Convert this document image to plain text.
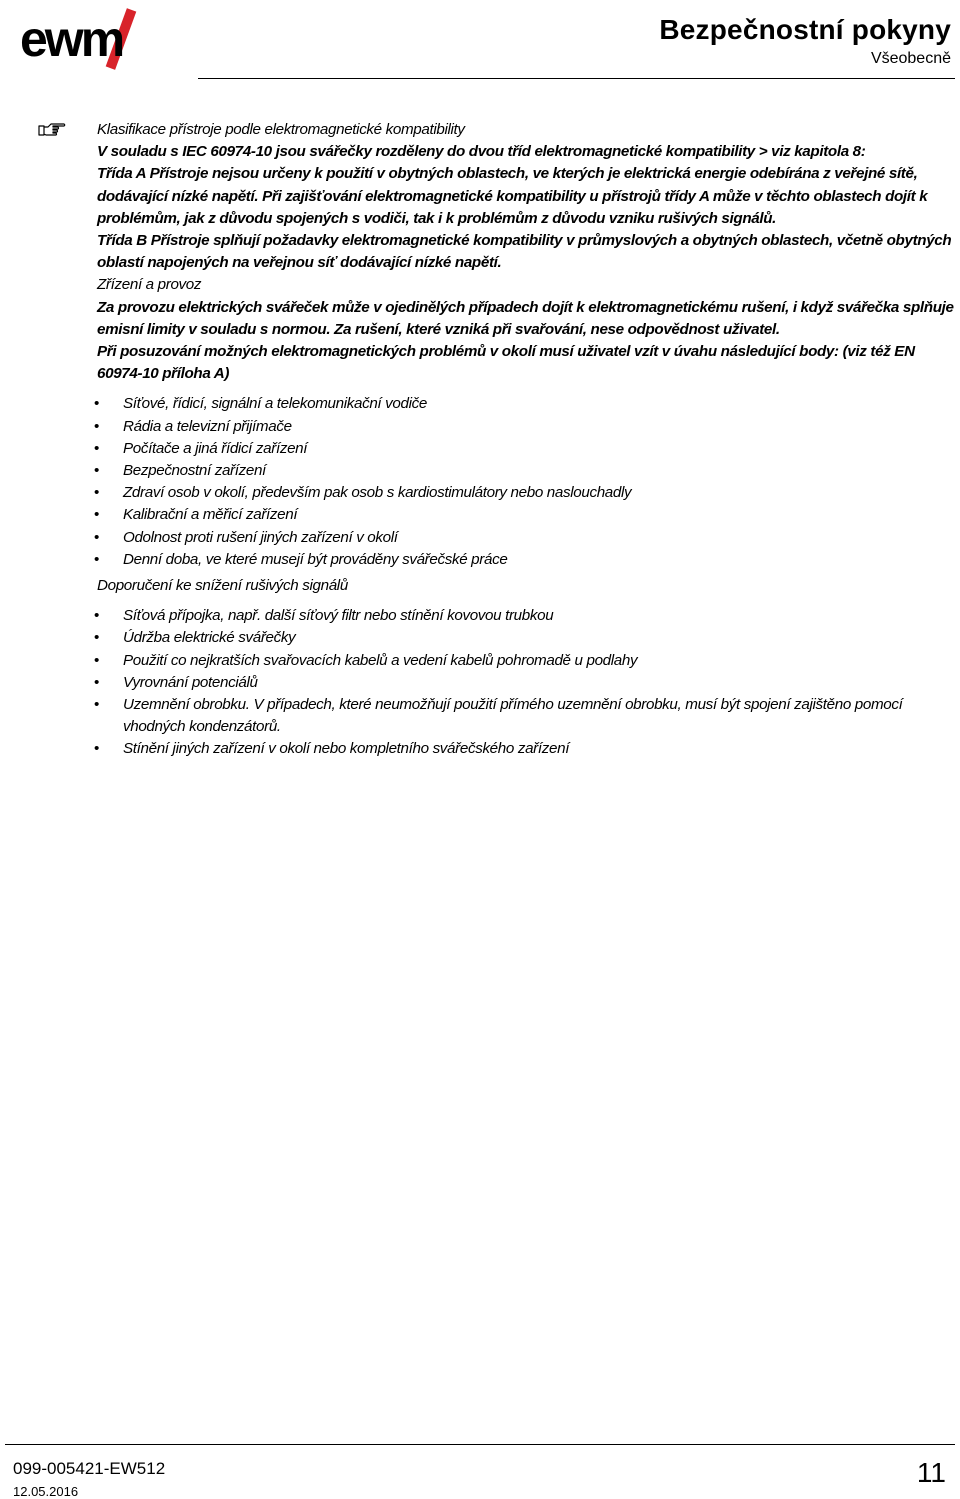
ewm	Bezpečnostní pokyny
Všeobecně

Klasifikace přístroje podle elektromagnetické kompatibility

V souladu s IEC 60974-10 jsou svářečky rozděleny do dvou tříd elektromagnetické kompatibility > viz kapitola 8:

Třída A Přístroje nejsou určeny k použití v obytných oblastech, ve kterých je elektrická energie odebírána z veřejné sítě, dodávající nízké napětí. Při zajišťování elektromagnetické kompatibility u přístrojů třídy A může v těchto oblastech dojít k problémům, jak z důvodu spojených s vodiči, tak i k problémům z důvodu vzniku rušivých signálů.

Třída B Přístroje splňují požadavky elektromagnetické kompatibility v průmyslových a obytných oblastech, včetně obytných oblastí napojených na veřejnou síť dodávající nízké napětí.

Zřízení a provoz

Za provozu elektrických svářeček může v ojedinělých případech dojít k elektromagnetickému rušení, i když svářečka splňuje emisní limity v souladu s normou. Za rušení, které vzniká při svařování, nese odpovědnost uživatel.

Při posuzování možných elektromagnetických problémů v okolí musí uživatel vzít v úvahu následující body: (viz též EN 60974-10 příloha A)

• Síťové, řídicí, signální a telekomunikační vodiče
• Rádia a televizní přijímače
• Počítače a jiná řídicí zařízení
• Bezpečnostní zařízení
• Zdraví osob v okolí, především pak osob s kardiostimulátory nebo naslouchadly
• Kalibrační a měřicí zařízení
• Odolnost proti rušení jiných zařízení v okolí
• Denní doba, ve které musejí být prováděny svářečské práce

Doporučení ke snížení rušivých signálů

• Síťová přípojka, např. další síťový filtr nebo stínění kovovou trubkou
• Údržba elektrické svářečky
• Použití co nejkratších svařovacích kabelů a vedení kabelů pohromadě u podlahy
• Vyrovnání potenciálů
• Uzemnění obrobku. V případech, které neumožňují použití přímého uzemnění obrobku, musí být spojení zajištěno pomocí vhodných kondenzátorů.
• Stínění jiných zařízení v okolí nebo kompletního svářečského zařízení
099-005421-EW512
12.05.2016
11
